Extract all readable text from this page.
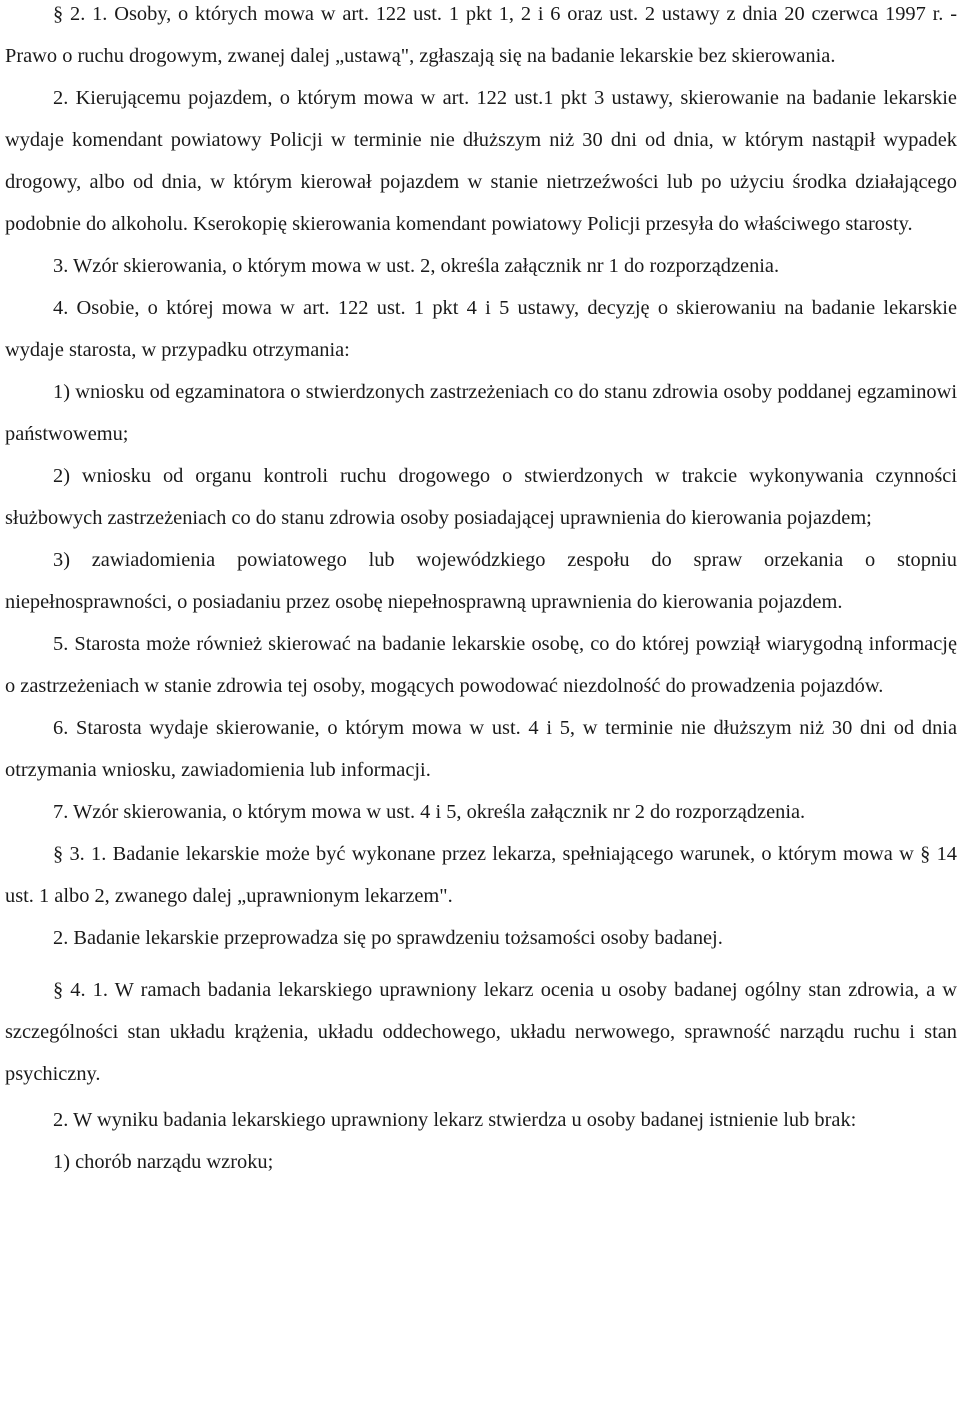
§ 2. 1. Osoby, o których mowa w art. 122 ust. 1 pkt 1, 2 i 6 oraz ust. 2 ustawy z dnia 20 czerwca 1997 r. - Prawo o ruchu drogowym, zwanej dalej „ustawą", zgłaszają się na badanie lekarskie bez skierowania.

2. Kierującemu pojazdem, o którym mowa w art. 122 ust.1 pkt 3 ustawy, skierowanie na badanie lekarskie wydaje komendant powiatowy Policji w terminie nie dłuższym niż 30 dni od dnia, w którym nastąpił wypadek drogowy, albo od dnia, w którym kierował pojazdem w stanie nietrzeźwości lub po użyciu środka działającego podobnie do alkoholu. Kserokopię skierowania komendant powiatowy Policji przesyła do właściwego starosty.

3. Wzór skierowania, o którym mowa w ust. 2, określa załącznik nr 1 do rozporządzenia.

4. Osobie, o której mowa w art. 122 ust. 1 pkt 4 i 5 ustawy, decyzję o skierowaniu na badanie lekarskie wydaje starosta, w przypadku otrzymania:

1) wniosku od egzaminatora o stwierdzonych zastrzeżeniach co do stanu zdrowia osoby poddanej egzaminowi państwowemu;

2) wniosku od organu kontroli ruchu drogowego o stwierdzonych w trakcie wykonywania czynności służbowych zastrzeżeniach co do stanu zdrowia osoby posiadającej uprawnienia do kierowania pojazdem;

3) zawiadomienia powiatowego lub wojewódzkiego zespołu do spraw orzekania o stopniu niepełnosprawności, o posiadaniu przez osobę niepełnosprawną uprawnienia do kierowania pojazdem.

5. Starosta może również skierować na badanie lekarskie osobę, co do której powziął wiarygodną informację o zastrzeżeniach w stanie zdrowia tej osoby, mogących powodować niezdolność do prowadzenia pojazdów.

6. Starosta wydaje skierowanie, o którym mowa w ust. 4 i 5, w terminie nie dłuższym niż 30 dni od dnia otrzymania wniosku, zawiadomienia lub informacji.

7. Wzór skierowania, o którym mowa w ust. 4 i 5, określa załącznik nr 2 do rozporządzenia.

§ 3. 1. Badanie lekarskie może być wykonane przez lekarza, spełniającego warunek, o którym mowa w § 14 ust. 1 albo 2, zwanego dalej „uprawnionym lekarzem".

2. Badanie lekarskie przeprowadza się po sprawdzeniu tożsamości osoby badanej.

§ 4. 1. W ramach badania lekarskiego uprawniony lekarz ocenia u osoby badanej ogólny stan zdrowia, a w szczególności stan układu krążenia, układu oddechowego, układu nerwowego, sprawność narządu ruchu i stan psychiczny.

2. W wyniku badania lekarskiego uprawniony lekarz stwierdza u osoby badanej istnienie lub brak:

1) chorób narządu wzroku;
